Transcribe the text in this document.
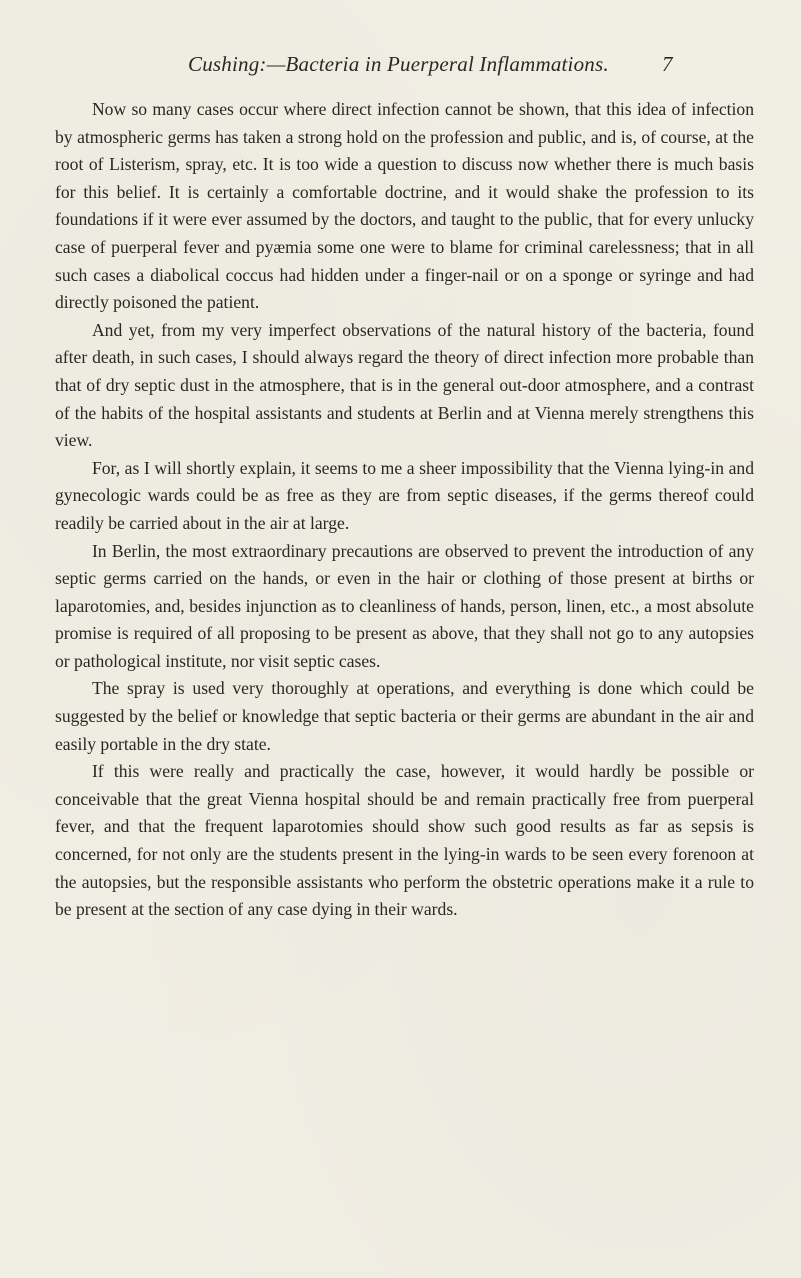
Cushing:—Bacteria in Puerperal Inflammations.	7

Now so many cases occur where direct infection cannot be shown, that this idea of infection by atmospheric germs has taken a strong hold on the profession and public, and is, of course, at the root of Listerism, spray, etc. It is too wide a question to discuss now whether there is much basis for this belief. It is certainly a comfortable doctrine, and it would shake the profession to its foundations if it were ever assumed by the doctors, and taught to the public, that for every unlucky case of puerperal fever and pyæmia some one were to blame for criminal carelessness; that in all such cases a diabolical coccus had hidden under a finger-nail or on a sponge or syringe and had directly poisoned the patient.

And yet, from my very imperfect observations of the natural history of the bacteria, found after death, in such cases, I should always regard the theory of direct infection more probable than that of dry septic dust in the atmosphere, that is in the general out-door atmosphere, and a contrast of the habits of the hospital assistants and students at Berlin and at Vienna merely strengthens this view.

For, as I will shortly explain, it seems to me a sheer impossibility that the Vienna lying-in and gynecologic wards could be as free as they are from septic diseases, if the germs thereof could readily be carried about in the air at large.

In Berlin, the most extraordinary precautions are observed to prevent the introduction of any septic germs carried on the hands, or even in the hair or clothing of those present at births or laparotomies, and, besides injunction as to cleanliness of hands, person, linen, etc., a most absolute promise is required of all proposing to be present as above, that they shall not go to any autopsies or pathological institute, nor visit septic cases.

The spray is used very thoroughly at operations, and everything is done which could be suggested by the belief or knowledge that septic bacteria or their germs are abundant in the air and easily portable in the dry state.

If this were really and practically the case, however, it would hardly be possible or conceivable that the great Vienna hospital should be and remain practically free from puerperal fever, and that the frequent laparotomies should show such good results as far as sepsis is concerned, for not only are the students present in the lying-in wards to be seen every forenoon at the autopsies, but the responsible assistants who perform the obstetric operations make it a rule to be present at the section of any case dying in their wards.
